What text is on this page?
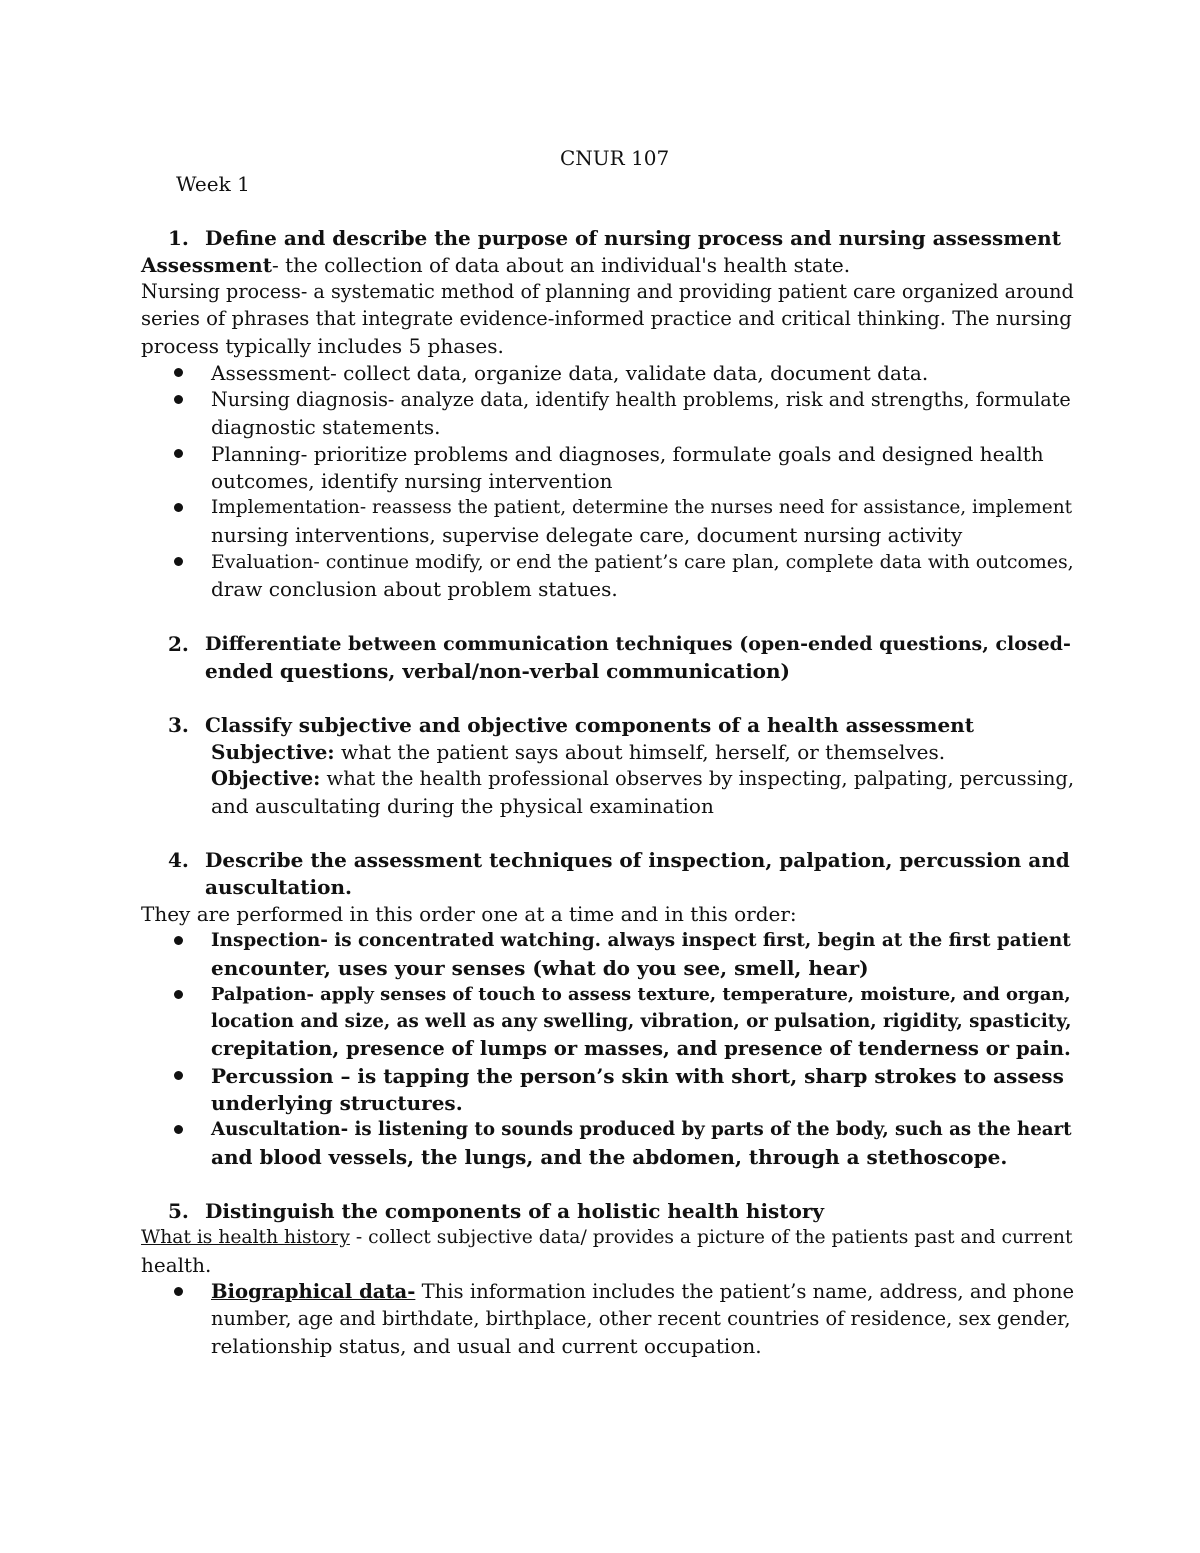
CNUR 107
Week 1
1. Define and describe the purpose of nursing process and nursing assessment
Assessment- the collection of data about an individual's health state.
Nursing process- a systematic method of planning and providing patient care organized around
series of phrases that integrate evidence-informed practice and critical thinking. The nursing
process typically includes 5 phases.
Assessment- collect data, organize data, validate data, document data.
Nursing diagnosis- analyze data, identify health problems, risk and strengths, formulate
diagnostic statements.
Planning- prioritize problems and diagnoses, formulate goals and designed health
outcomes, identify nursing intervention
Implementation- reassess the patient, determine the nurses need for assistance, implement
nursing interventions, supervise delegate care, document nursing activity
Evaluation- continue modify, or end the patient’s care plan, complete data with outcomes,
draw conclusion about problem statues.
2. Differentiate between communication techniques (open-ended questions, closed-
ended questions, verbal/non-verbal communication)
3. Classify subjective and objective components of a health assessment
Subjective: what the patient says about himself, herself, or themselves.
Objective: what the health professional observes by inspecting, palpating, percussing,
and auscultating during the physical examination
4. Describe the assessment techniques of inspection, palpation, percussion and
auscultation.
They are performed in this order one at a time and in this order:
Inspection- is concentrated watching. always inspect first, begin at the first patient
encounter, uses your senses (what do you see, smell, hear)
Palpation- apply senses of touch to assess texture, temperature, moisture, and organ,
location and size, as well as any swelling, vibration, or pulsation, rigidity, spasticity,
crepitation, presence of lumps or masses, and presence of tenderness or pain.
Percussion – is tapping the person’s skin with short, sharp strokes to assess
underlying structures.
Auscultation- is listening to sounds produced by parts of the body, such as the heart
and blood vessels, the lungs, and the abdomen, through a stethoscope.
5. Distinguish the components of a holistic health history
What is health history - collect subjective data/ provides a picture of the patients past and current
health.
Biographical data- This information includes the patient’s name, address, and phone
number, age and birthdate, birthplace, other recent countries of residence, sex gender,
relationship status, and usual and current occupation.
